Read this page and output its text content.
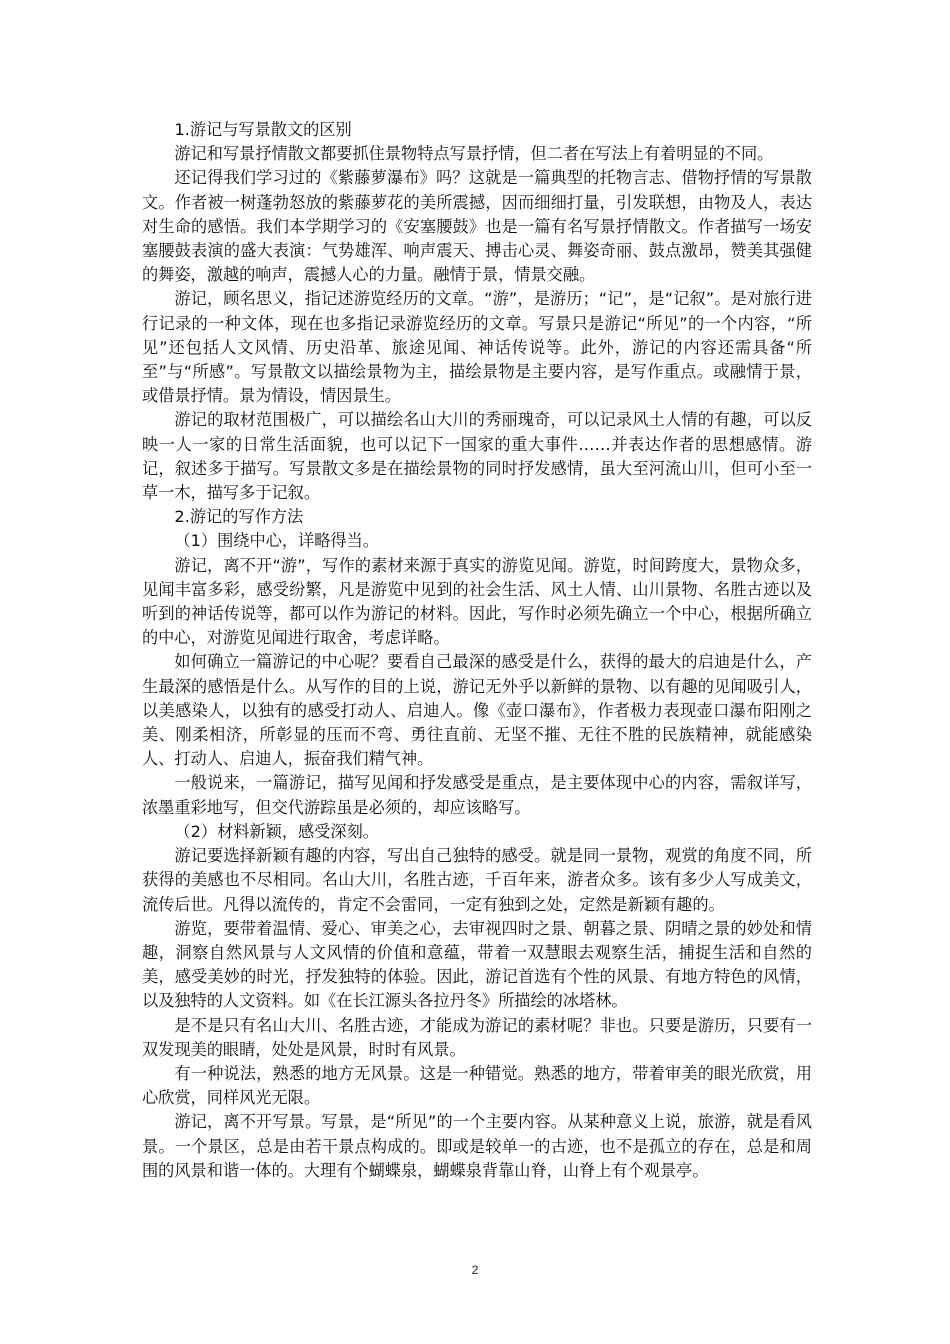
1.游记与写景散文的区别

游记和写景抒情散文都要抓住景物特点写景抒情，但二者在写法上有着明显的不同。

还记得我们学习过的《紫藤萝瀑布》吗？这就是一篇典型的托物言志、借物抒情的写景散文。作者被一树蓬勃怒放的紫藤萝花的美所震撼，因而细细打量，引发联想，由物及人，表达对生命的感悟。我们本学期学习的《安塞腰鼓》也是一篇有名写景抒情散文。作者描写一场安塞腰鼓表演的盛大表演：气势雄浑、响声震天、搏击心灵、舞姿奇丽、鼓点激昂，赞美其强健的舞姿，激越的响声，震撼人心的力量。融情于景，情景交融。

游记，顾名思义，指记述游览经历的文章。“游”，是游历；“记”，是“记叙”。是对旅行进行记录的一种文体，现在也多指记录游览经历的文章。写景只是游记“所见”的一个内容，“所见”还包括人文风情、历史沿革、旅途见闻、神话传说等。此外，游记的内容还需具备“所至”与“所感”。写景散文以描绘景物为主，描绘景物是主要内容，是写作重点。或融情于景，或借景抒情。景为情设，情因景生。

游记的取材范围极广，可以描绘名山大川的秀丽瑰奇，可以记录风土人情的有趣，可以反映一人一家的日常生活面貌，也可以记下一国家的重大事件……并表达作者的思想感情。游记，叙述多于描写。写景散文多是在描绘景物的同时抒发感情，虽大至河流山川，但可小至一草一木，描写多于记叙。

2.游记的写作方法

（1）围绕中心，详略得当。

游记，离不开“游”，写作的素材来源于真实的游览见闻。游览，时间跨度大，景物众多，见闻丰富多彩，感受纷繁，凡是游览中见到的社会生活、风土人情、山川景物、名胜古迹以及听到的神话传说等，都可以作为游记的材料。因此，写作时必须先确立一个中心，根据所确立的中心，对游览见闻进行取舍，考虑详略。

如何确立一篇游记的中心呢？要看自己最深的感受是什么，获得的最大的启迪是什么，产生最深的感悟是什么。从写作的目的上说，游记无外乎以新鲜的景物、以有趣的见闻吸引人，以美感染人，以独有的感受打动人、启迪人。像《壶口瀑布》，作者极力表现壶口瀑布阳刚之美、刚柔相济，所彰显的压而不弯、勇往直前、无坚不摧、无往不胜的民族精神，就能感染人、打动人、启迪人，振奋我们精气神。

一般说来，一篇游记，描写见闻和抒发感受是重点，是主要体现中心的内容，需叙详写，浓墨重彩地写，但交代游踪虽是必须的，却应该略写。

（2）材料新颖，感受深刻。

游记要选择新颖有趣的内容，写出自己独特的感受。就是同一景物，观赏的角度不同，所获得的美感也不尽相同。名山大川，名胜古迹，千百年来，游者众多。该有多少人写成美文，流传后世。凡得以流传的，肯定不会雷同，一定有独到之处，定然是新颖有趣的。

游览，要带着温情、爱心、审美之心，去审视四时之景、朝暮之景、阴晴之景的妙处和情趣，洞察自然风景与人文风情的价值和意蕴，带着一双慧眼去观察生活，捕捉生活和自然的美，感受美妙的时光，抒发独特的体验。因此，游记首选有个性的风景、有地方特色的风情，以及独特的人文资料。如《在长江源头各拉丹冬》所描绘的冰塔林。

是不是只有名山大川、名胜古迹，才能成为游记的素材呢？非也。只要是游历，只要有一双发现美的眼睛，处处是风景，时时有风景。

有一种说法，熟悉的地方无风景。这是一种错觉。熟悉的地方，带着审美的眼光欣赏，用心欣赏，同样风光无限。

游记，离不开写景。写景，是“所见”的一个主要内容。从某种意义上说，旅游，就是看风景。一个景区，总是由若干景点构成的。即或是较单一的古迹，也不是孤立的存在，总是和周围的风景和谐一体的。大理有个蝴蝶泉，蝴蝶泉背靠山脊，山脊上有个观景亭。

2
